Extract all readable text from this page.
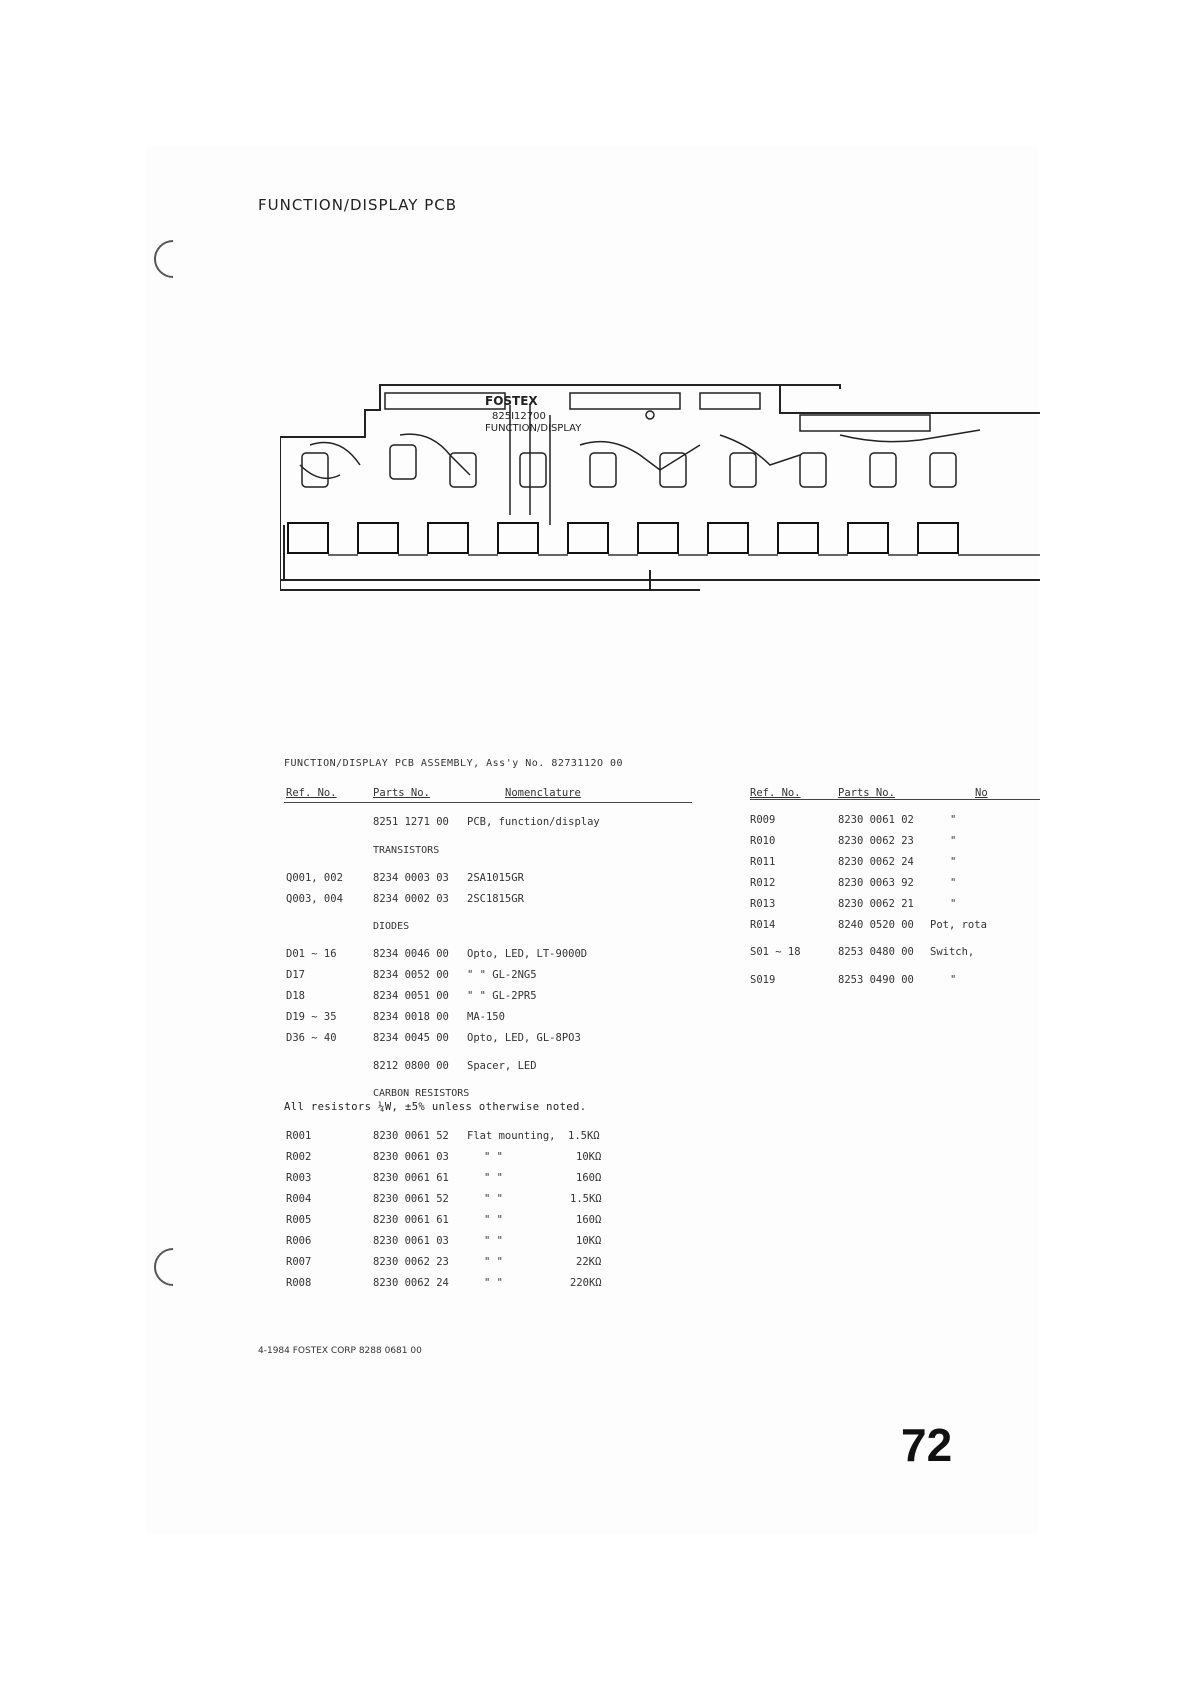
FUNCTION/DISPLAY PCB
FOSTEX
825I12700
FUNCTION/DISPLAY
FUNCTION/DISPLAY PCB ASSEMBLY, Ass'y No. 8273112O 00
Ref. No.	Parts No.	Nomenclature	Ref. No.	Parts No.	No
8251 1271 00 PCB, function/display
TRANSISTORS
Q001, 002	8234 0003 03 2SA1015GR
Q003, 004	8234 0002 03 2SC1815GR
DIODES
D01 ~ 16	8234 0046 00 Opto, LED, LT-9000D
D17	8234 0052 00 " " GL-2NG5
D18	8234 0051 00 " " GL-2PR5
D19 ~ 35	8234 0018 00 MA-150
D36 ~ 40	8234 0045 00 Opto, LED, GL-8PO3
8212 0800 00 Spacer, LED
CARBON RESISTORS
All resistors ¼W, ±5% unless otherwise noted.
R001	8230 0061 52 Flat mounting, 1.5KΩ
R002	8230 0061 03	" "	10KΩ
R003	8230 0061 61	" "	160Ω
R004	8230 0061 52	" "	1.5KΩ
R005	8230 0061 61	" "	160Ω
R006	8230 0061 03	" "	10KΩ
R007	8230 0062 23	" "	22KΩ
R008	8230 0062 24	" "	220KΩ
R009	8230 0061 02	"
R010	8230 0062 23	"
R011	8230 0062 24	"
R012	8230 0063 92	"
R013	8230 0062 21	"
R014	8240 0520 00 Pot, rota
S01 ~ 18	8253 0480 00 Switch,
S019	8253 0490 00	"
4-1984 FOSTEX CORP 8288 0681 00
72
